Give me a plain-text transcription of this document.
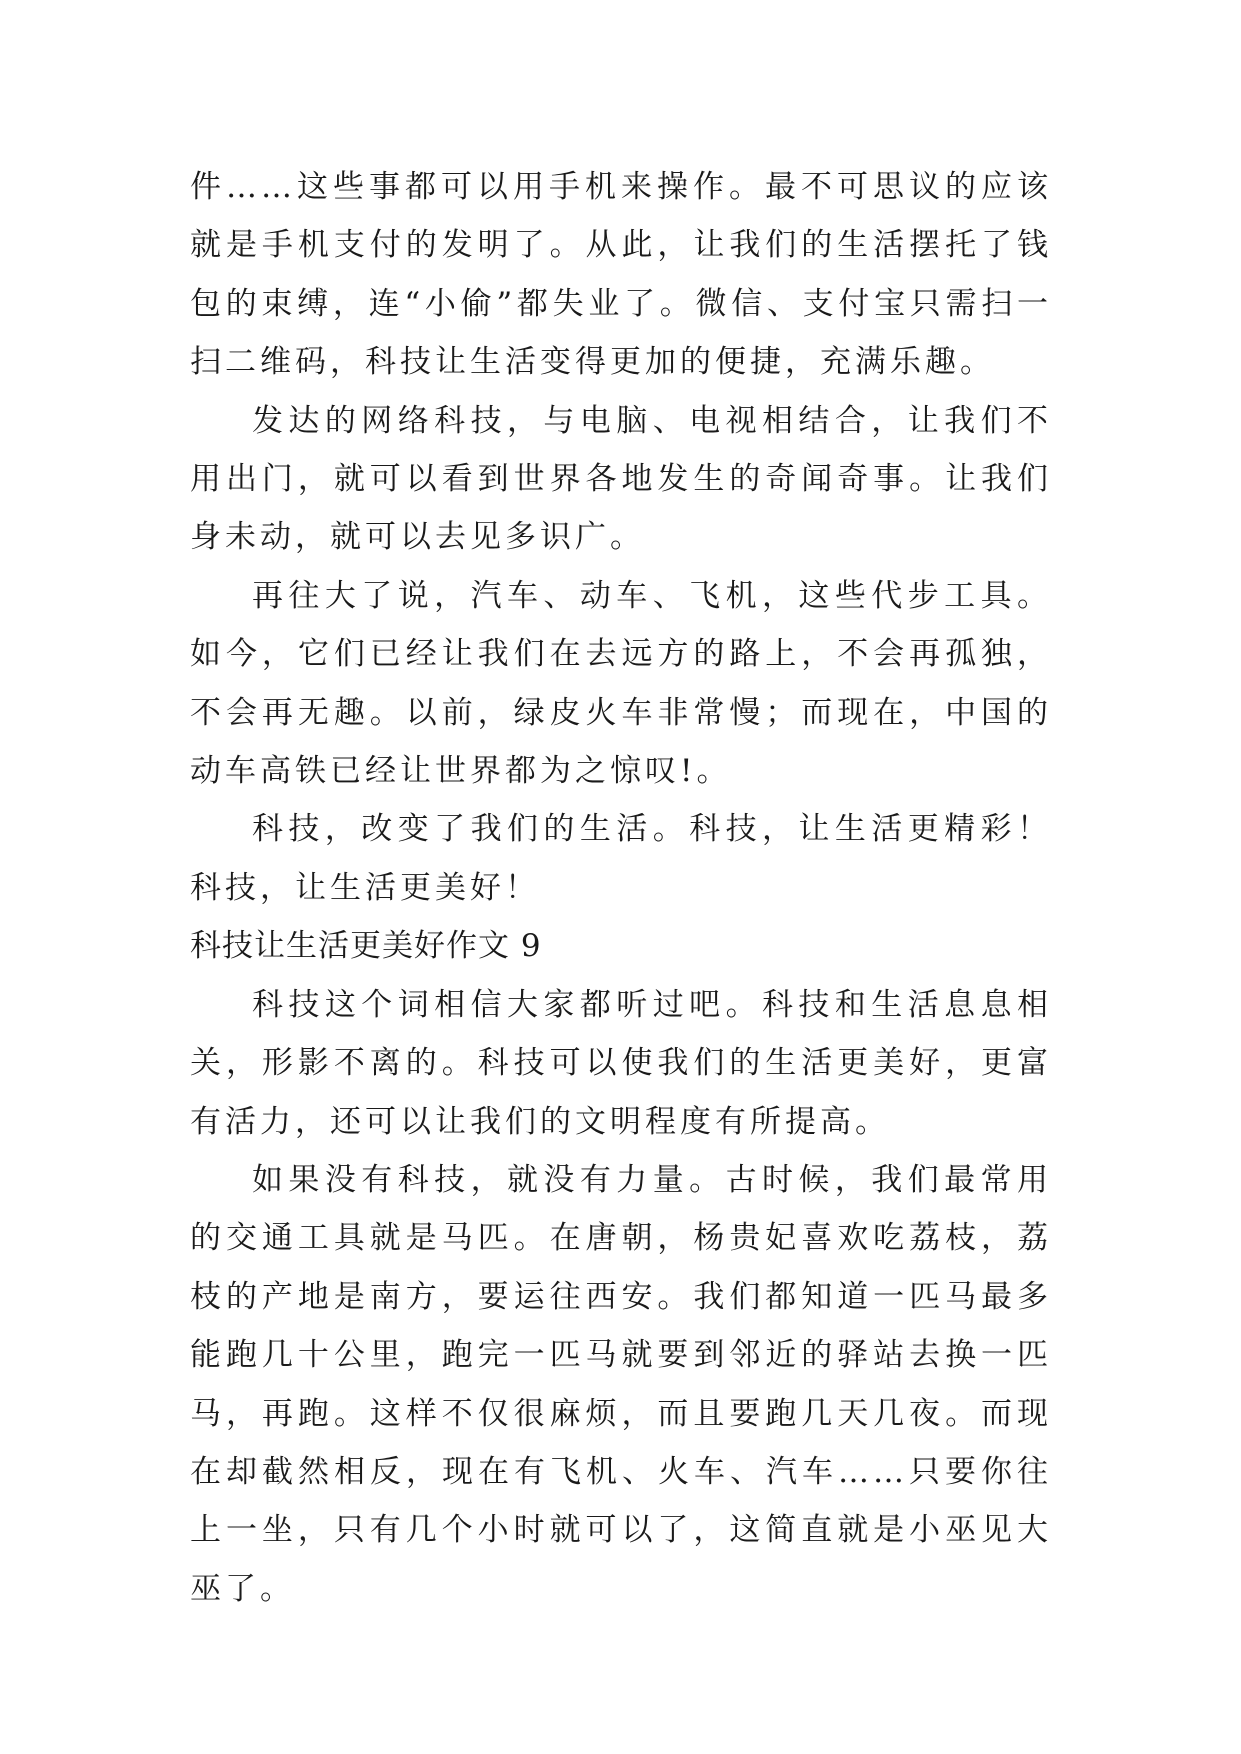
件……这些事都可以用手机来操作。最不可思议的应该就是手机支付的发明了。从此，让我们的生活摆托了钱包的束缚，连“小偷”都失业了。微信、支付宝只需扫一扫二维码，科技让生活变得更加的便捷，充满乐趣。

发达的网络科技，与电脑、电视相结合，让我们不用出门，就可以看到世界各地发生的奇闻奇事。让我们身未动，就可以去见多识广。

再往大了说，汽车、动车、飞机，这些代步工具。如今，它们已经让我们在去远方的路上，不会再孤独，不会再无趣。以前，绿皮火车非常慢；而现在，中国的动车高铁已经让世界都为之惊叹!。

科技，改变了我们的生活。科技，让生活更精彩！科技，让生活更美好！

科技让生活更美好作文 9

科技这个词相信大家都听过吧。科技和生活息息相关，形影不离的。科技可以使我们的生活更美好，更富有活力，还可以让我们的文明程度有所提高。

如果没有科技，就没有力量。古时候，我们最常用的交通工具就是马匹。在唐朝，杨贵妃喜欢吃荔枝，荔枝的产地是南方，要运往西安。我们都知道一匹马最多能跑几十公里，跑完一匹马就要到邻近的驿站去换一匹马，再跑。这样不仅很麻烦，而且要跑几天几夜。而现在却截然相反，现在有飞机、火车、汽车……只要你往上一坐，只有几个小时就可以了，这简直就是小巫见大巫了。
